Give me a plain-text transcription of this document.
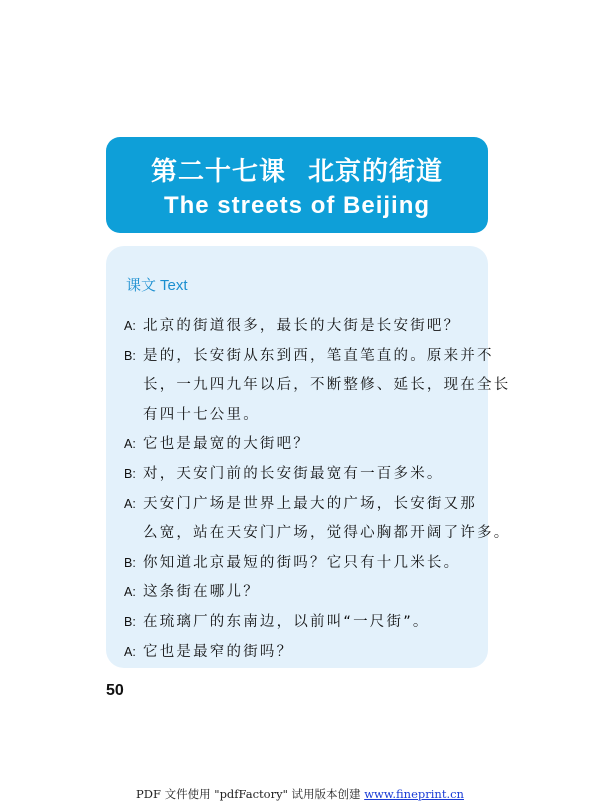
第二十七课 北京的街道
The streets of Beijing
课文 Text
A: 北京的街道很多，最长的大街是长安街吧？
B: 是的，长安街从东到西，笔直笔直的。原来并不
长，一九四九年以后，不断整修、延长，现在全长
有四十七公里。
A: 它也是最宽的大街吧？
B: 对，天安门前的长安街最宽有一百多米。
A: 天安门广场是世界上最大的广场，长安街又那
么宽，站在天安门广场，觉得心胸都开阔了许多。
B: 你知道北京最短的街吗？它只有十几米长。
A: 这条街在哪儿？
B: 在琉璃厂的东南边，以前叫“一尺街”。
A: 它也是最窄的街吗？
50
PDF 文件使用 "pdfFactory" 试用版本创建 www.fineprint.cn
